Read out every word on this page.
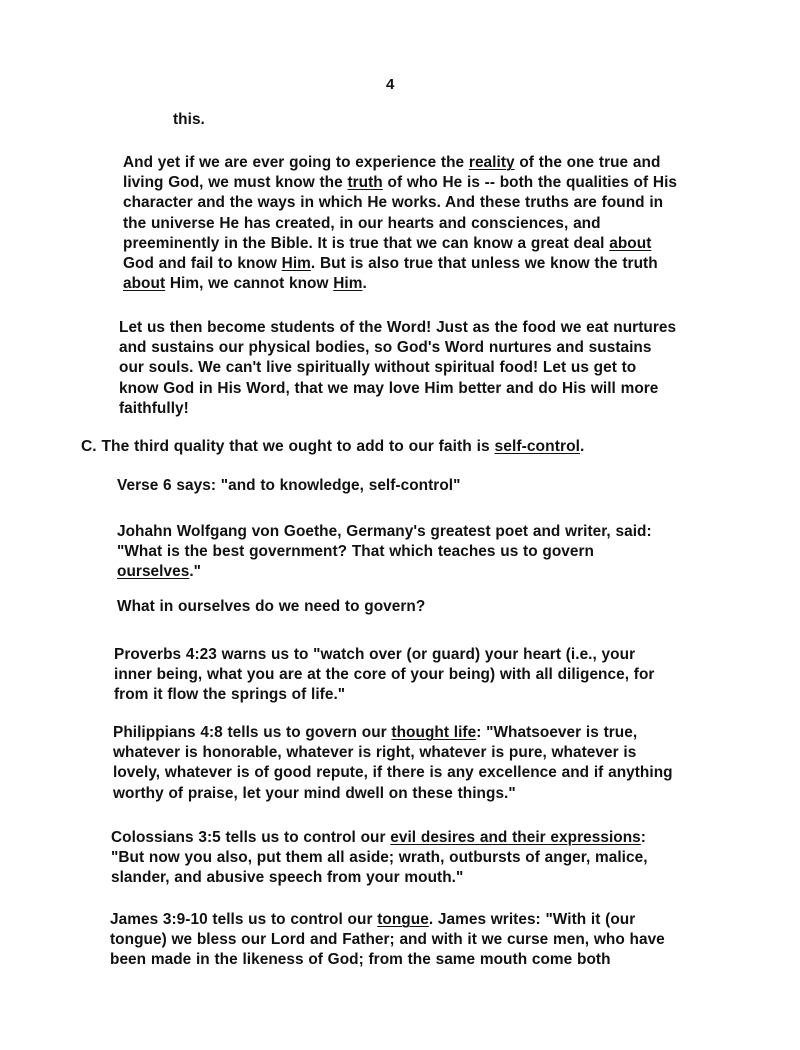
4
this.
And yet if we are ever going to experience the reality of the one true and
living God, we must know the truth of who He is -- both the qualities of His
character and the ways in which He works. And these truths are found in
the universe He has created, in our hearts and consciences, and
preeminently in the Bible. It is true that we can know a great deal about
God and fail to know Him. But is also true that unless we know the truth
about Him, we cannot know Him.
Let us then become students of the Word! Just as the food we eat nurtures
and sustains our physical bodies, so God's Word nurtures and sustains
our souls. We can't live spiritually without spiritual food! Let us get to
know God in His Word, that we may love Him better and do His will more
faithfully!
C. The third quality that we ought to add to our faith is self-control.
Verse 6 says: "and to knowledge, self-control"
Johahn Wolfgang von Goethe, Germany's greatest poet and writer, said:
"What is the best government? That which teaches us to govern
ourselves."
What in ourselves do we need to govern?
Proverbs 4:23 warns us to "watch over (or guard) your heart (i.e., your
inner being, what you are at the core of your being) with all diligence, for
from it flow the springs of life."
Philippians 4:8 tells us to govern our thought life: "Whatsoever is true,
whatever is honorable, whatever is right, whatever is pure, whatever is
lovely, whatever is of good repute, if there is any excellence and if anything
worthy of praise, let your mind dwell on these things."
Colossians 3:5 tells us to control our evil desires and their expressions:
"But now you also, put them all aside; wrath, outbursts of anger, malice,
slander, and abusive speech from your mouth."
James 3:9-10 tells us to control our tongue. James writes: "With it (our
tongue) we bless our Lord and Father; and with it we curse men, who have
been made in the likeness of God; from the same mouth come both
